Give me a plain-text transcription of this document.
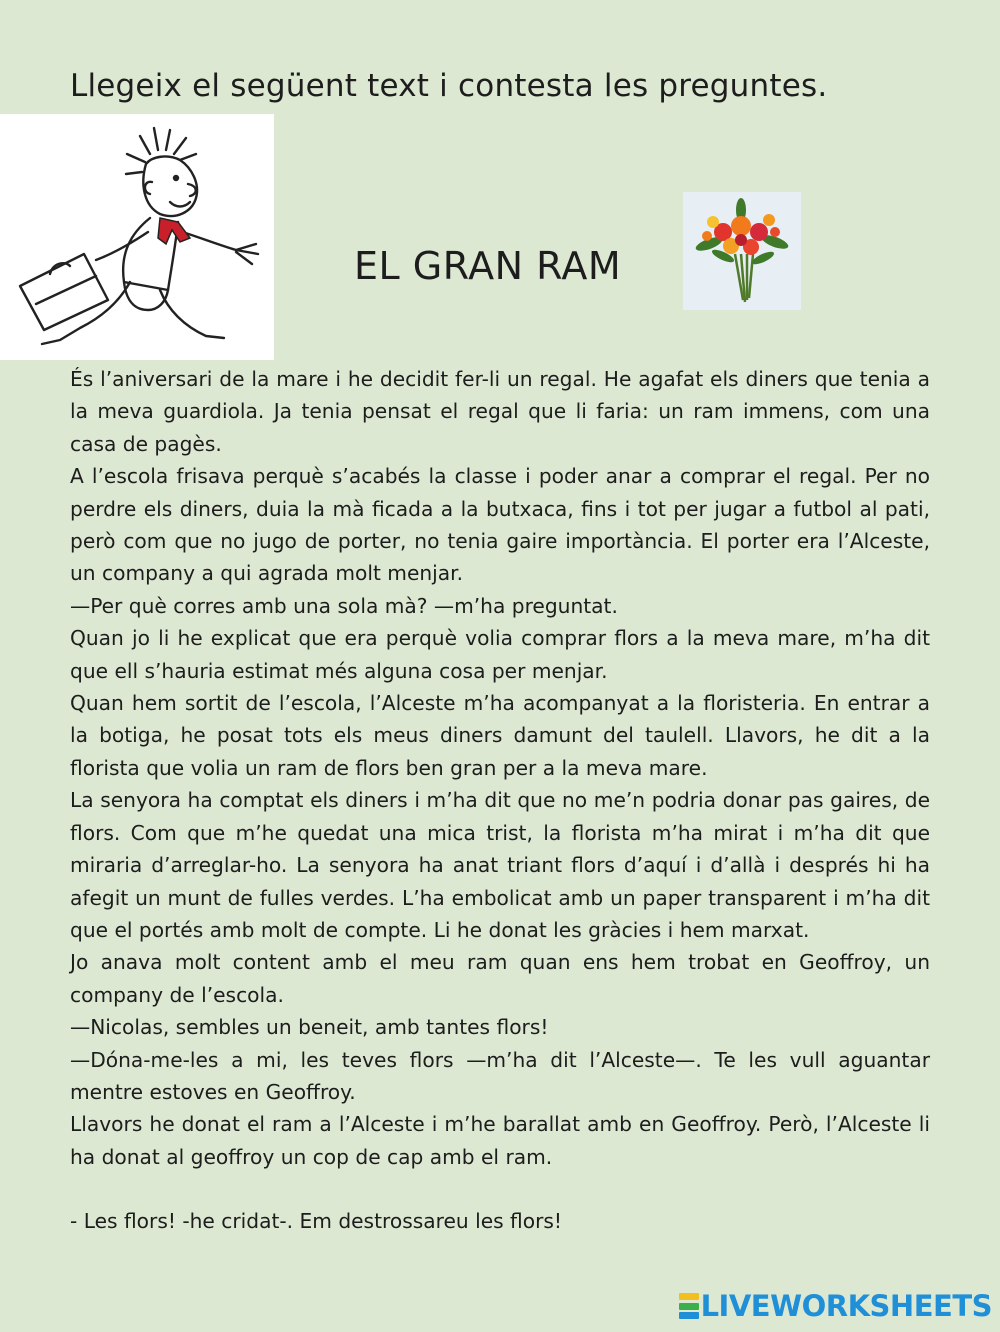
Llegeix el següent text i contesta les preguntes.
EL GRAN RAM

És l’aniversari de la mare i he decidit fer-li un regal. He agafat els diners que tenia a la meva guardiola. Ja tenia pensat el regal que li faria: un ram immens, com una casa de pagès.

A l’escola frisava perquè s’acabés la classe i poder anar a comprar el regal. Per no perdre els diners, duia la mà ficada a la butxaca, fins i tot per jugar a futbol al pati, però com que no jugo de porter, no tenia gaire importància. El porter era l’Alceste, un company a qui agrada molt menjar.

—Per què corres amb una sola mà? —m’ha preguntat.

Quan jo li he explicat que era perquè volia comprar flors a la meva mare, m’ha dit que ell s’hauria estimat més alguna cosa per menjar.

Quan hem sortit de l’escola, l’Alceste m’ha acompanyat a la floristeria. En entrar a la botiga, he posat tots els meus diners damunt del taulell. Llavors, he dit a la florista que volia un ram de flors ben gran per a la meva mare.

La senyora ha comptat els diners i m’ha dit que no me’n podria donar pas gaires, de flors. Com que m’he quedat una mica trist, la florista m’ha mirat i m’ha dit que miraria d’arreglar-ho. La senyora ha anat triant flors d’aquí i d’allà i després hi ha afegit un munt de fulles verdes. L’ha embolicat amb un paper transparent i m’ha dit que el portés amb molt de compte. Li he donat les gràcies i hem marxat.

Jo anava molt content amb el meu ram quan ens hem trobat en Geoffroy, un company de l’escola.

—Nicolas, sembles un beneit, amb tantes flors!

—Dóna-me-les a mi, les teves flors —m’ha dit l’Alceste—. Te les vull aguantar mentre estoves en Geoffroy.

Llavors he donat el ram a l’Alceste i m’he barallat amb en Geoffroy. Però, l’Alceste li ha donat al geoffroy un cop de cap amb el ram.

- Les flors! -he cridat-. Em destrossareu les flors!

LIVEWORKSHEETS
